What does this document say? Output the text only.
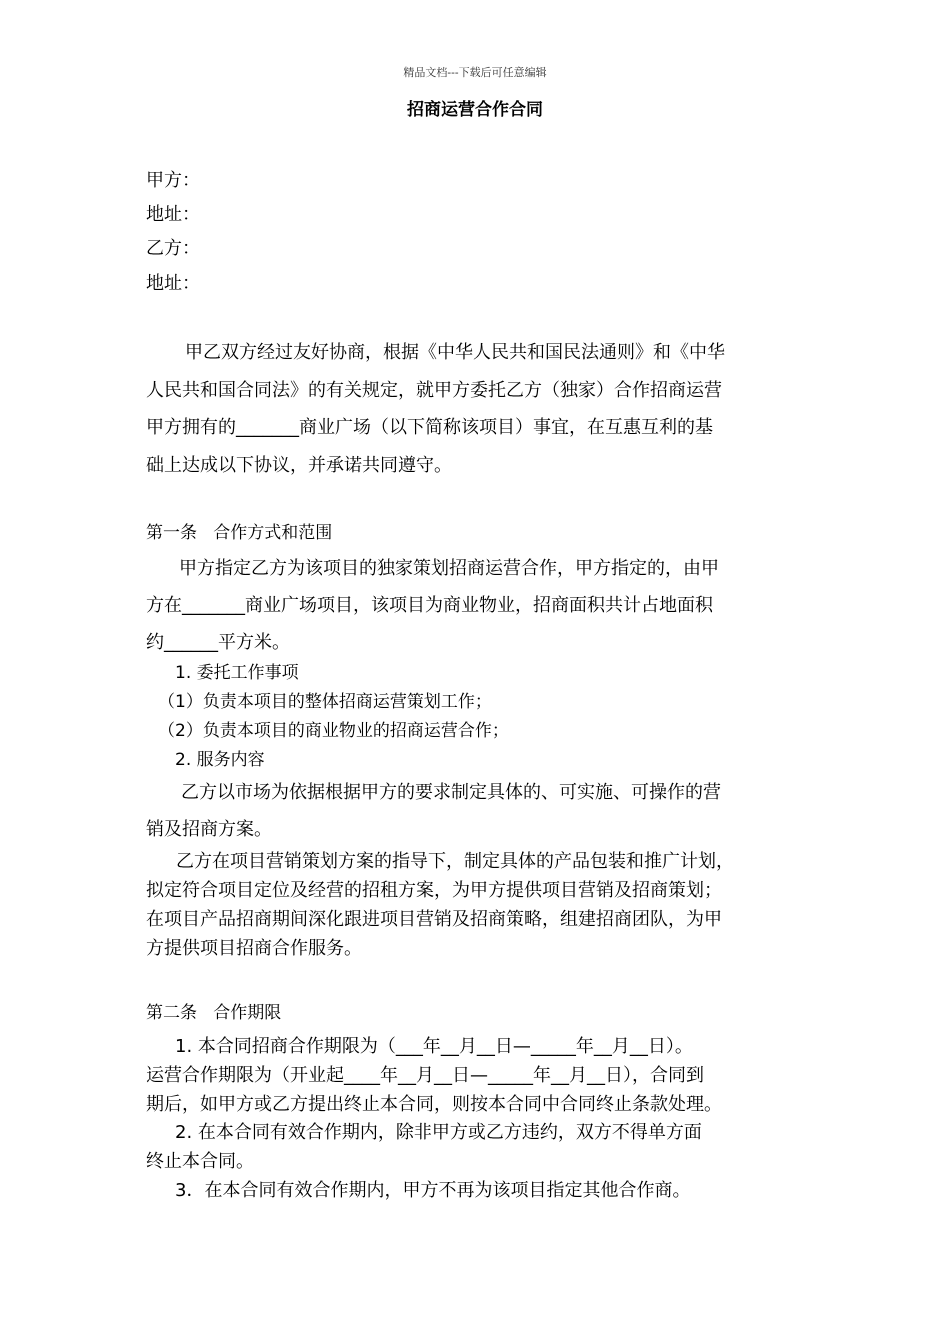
精品文档---下载后可任意编辑
招商运营合作合同
甲方：
地址：
乙方：
地址：
甲乙双方经过友好协商，根据《中华人民共和国民法通则》和《中华
人民共和国合同法》的有关规定，就甲方委托乙方（独家）合作招商运营
甲方拥有的_______商业广场（以下简称该项目）事宜，在互惠互利的基
础上达成以下协议，并承诺共同遵守。
第一条   合作方式和范围
甲方指定乙方为该项目的独家策划招商运营合作，甲方指定的，由甲
方在_______商业广场项目，该项目为商业物业，招商面积共计占地面积
约______平方米。
1. 委托工作事项
（1）负责本项目的整体招商运营策划工作；
（2）负责本项目的商业物业的招商运营合作；
2. 服务内容
乙方以市场为依据根据甲方的要求制定具体的、可实施、可操作的营
销及招商方案。
乙方在项目营销策划方案的指导下，制定具体的产品包装和推广计划，
拟定符合项目定位及经营的招租方案，为甲方提供项目营销及招商策划；
在项目产品招商期间深化跟进项目营销及招商策略，组建招商团队，为甲
方提供项目招商合作服务。
第二条   合作期限
1. 本合同招商合作期限为（___年__月__日—_____年__月__日）。
运营合作期限为（开业起____年__月__日—_____年__月__日），合同到
期后，如甲方或乙方提出终止本合同，则按本合同中合同终止条款处理。
2. 在本合同有效合作期内，除非甲方或乙方违约，双方不得单方面
终止本合同。
3．在本合同有效合作期内，甲方不再为该项目指定其他合作商。
